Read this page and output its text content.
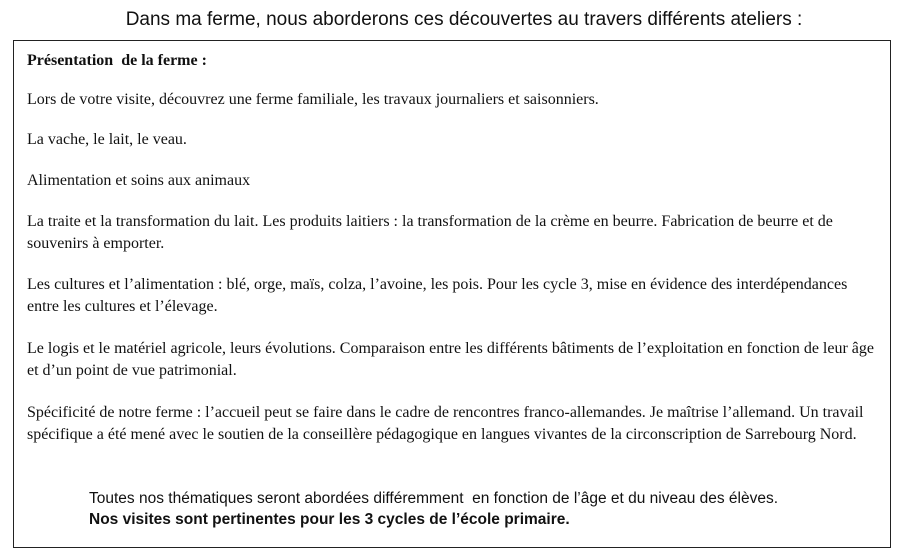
Dans ma ferme, nous aborderons ces découvertes au travers différents ateliers :
Présentation  de la ferme :

Lors de votre visite, découvrez une ferme familiale, les travaux journaliers et saisonniers.

La vache, le lait, le veau.

Alimentation et soins aux animaux

La traite et la transformation du lait. Les produits laitiers : la transformation de la crème en beurre. Fabrication de beurre et de souvenirs à emporter.

Les cultures et l’alimentation : blé, orge, maïs, colza, l’avoine, les pois. Pour les cycle 3, mise en évidence des interdépendances entre les cultures et l’élevage.

Le logis et le matériel agricole, leurs évolutions. Comparaison entre les différents bâtiments de l’exploitation en fonction de leur âge et d’un point de vue patrimonial.

Spécificité de notre ferme : l’accueil peut se faire dans le cadre de rencontres franco-allemandes. Je maîtrise l’allemand. Un travail spécifique a été mené avec le soutien de la conseillère pédagogique en langues vivantes de la circonscription de Sarrebourg Nord.

Toutes nos thématiques seront abordées différemment  en fonction de l’âge et du niveau des élèves.
Nos visites sont pertinentes pour les 3 cycles de l’école primaire.
